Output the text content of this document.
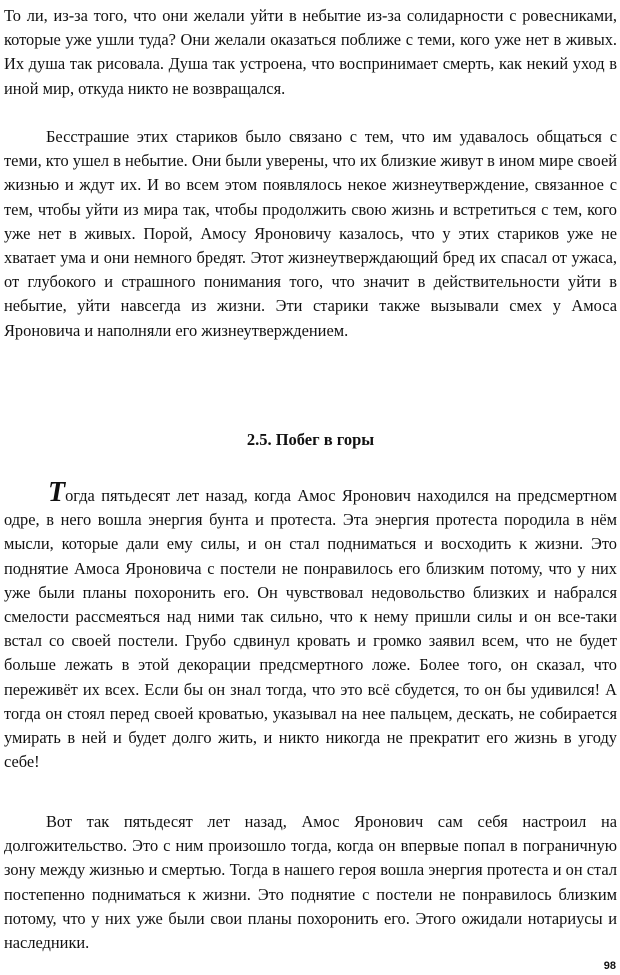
То ли, из-за того, что они желали уйти в небытие из-за солидарности с ровесниками, которые уже ушли туда? Они желали оказаться поближе с теми, кого уже нет в живых. Их душа так рисовала. Душа так устроена, что воспринимает смерть, как некий уход в иной мир, откуда никто не возвращался.

Бесстрашие этих стариков было связано с тем, что им удавалось общаться с теми, кто ушел в небытие. Они были уверены, что их близкие живут в ином мире своей жизнью и ждут их. И во всем этом появлялось некое жизнеутверждение, связанное с тем, чтобы уйти из мира так, чтобы продолжить свою жизнь и встретиться с тем, кого уже нет в живых. Порой, Амосу Яроновичу казалось, что у этих стариков уже не хватает ума и они немного бредят. Этот жизнеутверждающий бред их спасал от ужаса, от глубокого и страшного понимания того, что значит в действительности уйти в небытие, уйти навсегда из жизни. Эти старики также вызывали смех у Амоса Яроновича и наполняли его жизнеутверждением.

2.5. Побег в горы

Тогда пятьдесят лет назад, когда Амос Яронович находился на предсмертном одре, в него вошла энергия бунта и протеста. Эта энергия протеста породила в нём мысли, которые дали ему силы, и он стал подниматься и восходить к жизни. Это поднятие Амоса Яроновича с постели не понравилось его близким потому, что у них уже были планы похоронить его. Он чувствовал недовольство близких и набрался смелости рассмеяться над ними так сильно, что к нему пришли силы и он все-таки встал со своей постели. Грубо сдвинул кровать и громко заявил всем, что не будет больше лежать в этой декорации предсмертного ложе. Более того, он сказал, что переживёт их всех. Если бы он знал тогда, что это всё сбудется, то он бы удивился! А тогда он стоял перед своей кроватью, указывал на нее пальцем, дескать, не собирается умирать в ней и будет долго жить, и никто никогда не прекратит его жизнь в угоду себе!

Вот так пятьдесят лет назад, Амос Яронович сам себя настроил на долгожительство. Это с ним произошло тогда, когда он впервые попал в пограничную зону между жизнью и смертью. Тогда в нашего героя вошла энергия протеста и он стал постепенно подниматься к жизни. Это поднятие с постели не понравилось близким потому, что у них уже были свои планы похоронить его. Этого ожидали нотариусы и наследники.

98
